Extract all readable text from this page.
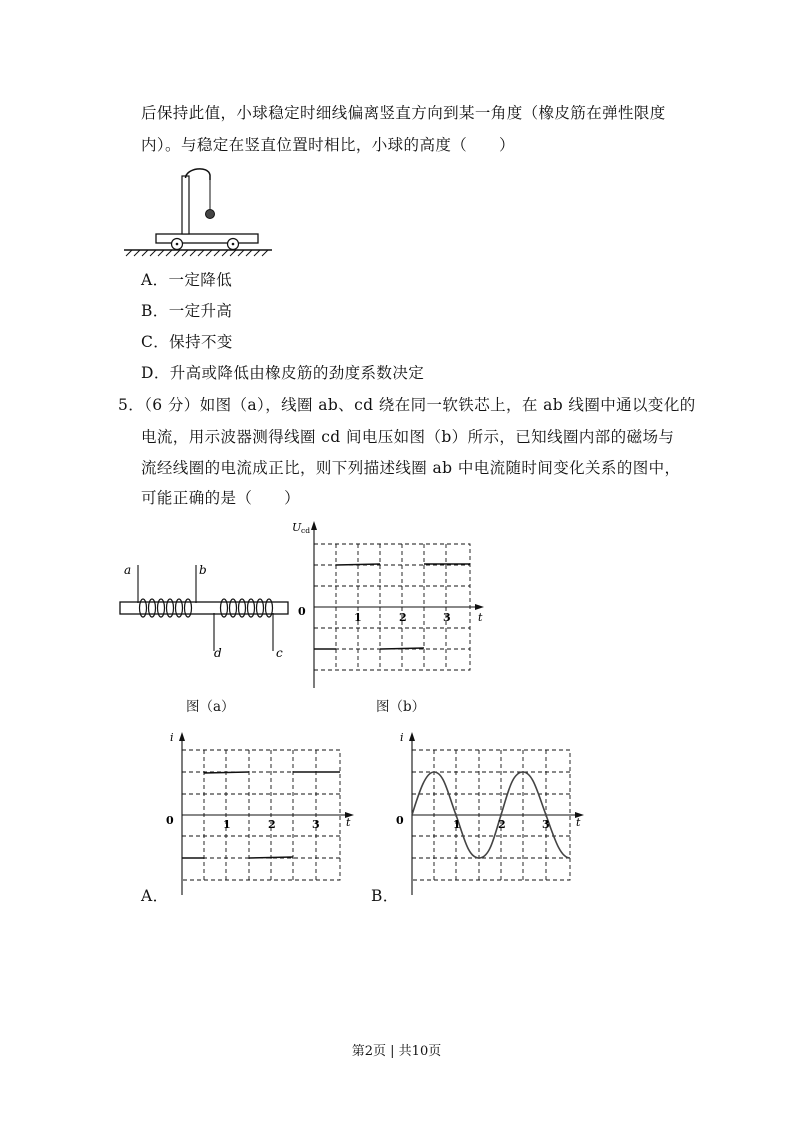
后保持此值，小球稳定时细线偏离竖直方向到某一角度（橡皮筋在弹性限度
内）。与稳定在竖直位置时相比，小球的高度（　　）
A．一定降低
B．一定升高
C．保持不变
D．升高或降低由橡皮筋的劲度系数决定
5．（6 分）如图（a），线圈 ab、cd 绕在同一软铁芯上，在 ab 线圈中通以变化的
电流，用示波器测得线圈 cd 间电压如图（b）所示，已知线圈内部的磁场与
流经线圈的电流成正比，则下列描述线圈 ab 中电流随时间变化关系的图中，
可能正确的是（　　）
a	b
d	c
图（a）
U cd
0	1	2	3 t
图（b）
i
0	1	2	3 t
A．
i
0	1	2	3 t
B．
第2页 | 共10页
